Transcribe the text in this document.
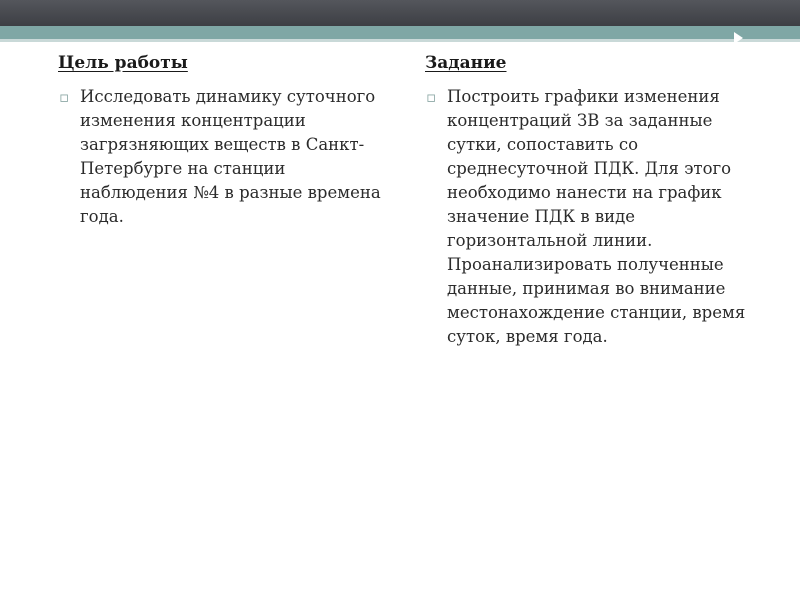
Цель работы
▫ Исследовать динамику суточного изменения концентрации загрязняющих веществ в Санкт-Петербурге на станции наблюдения №4 в разные времена года.
Задание
▫ Построить графики изменения концентраций ЗВ за заданные сутки, сопоставить со среднесуточной ПДК. Для этого необходимо нанести на график значение ПДК в виде горизонтальной линии. Проанализировать полученные данные, принимая во внимание местонахождение станции, время суток, время года.
